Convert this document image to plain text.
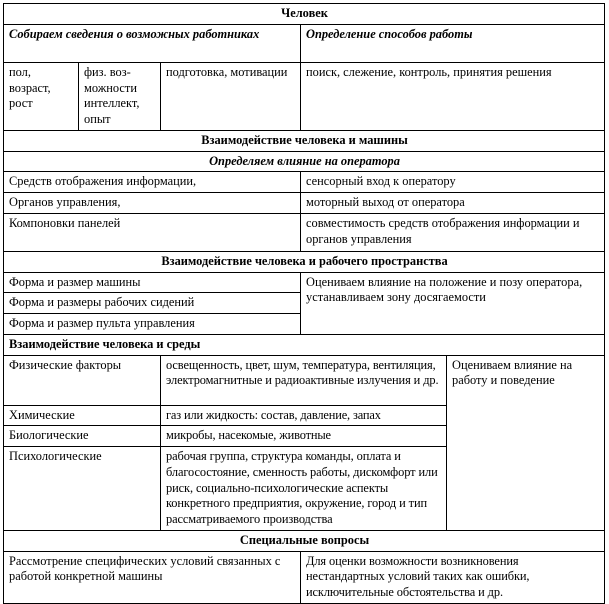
Человек				
Собираем сведения о возможных работниках			Определение способов работы	
пол, возраст, рост	физ. воз-можности интеллект, опыт	подготовка, мотивации	поиск, слежение, контроль, принятия решения	
Взаимодействие человека и машины				
Определяем влияние на оператора				
Средств отображения информации,			сенсорный вход к оператору	
Органов управления,			моторный выход от оператора	
Компоновки панелей			совместимость средств отображения информации и органов управления	
Взаимодействие человека и рабочего пространства				
Форма и размер машины			Оцениваем влияние на положение и позу оператора, устанавливаем зону досягаемости	
Форма и размеры рабочих сидений				
Форма и размер пульта управления				
Взаимодействие человека и среды				
Физические факторы		освещенность, цвет, шум, температура, вентиляция, электромагнитные и радиоактивные излучения и др.		Оцениваем влияние на работу и поведение
Химические		газ или жидкость: состав, давление, запах		
Биологические		микробы, насекомые, животные		
Психологические		рабочая группа, структура команды, оплата и благосостояние, сменность работы, дискомфорт или риск, социально-психологические аспекты конкретного предприятия, окружение, город и тип рассматриваемого производства		
Специальные вопросы				
Рассмотрение специфических условий связанных с работой конкретной машины			Для оценки возможности возникновения нестандартных условий таких как ошибки, исключительные обстоятельства и др.	
